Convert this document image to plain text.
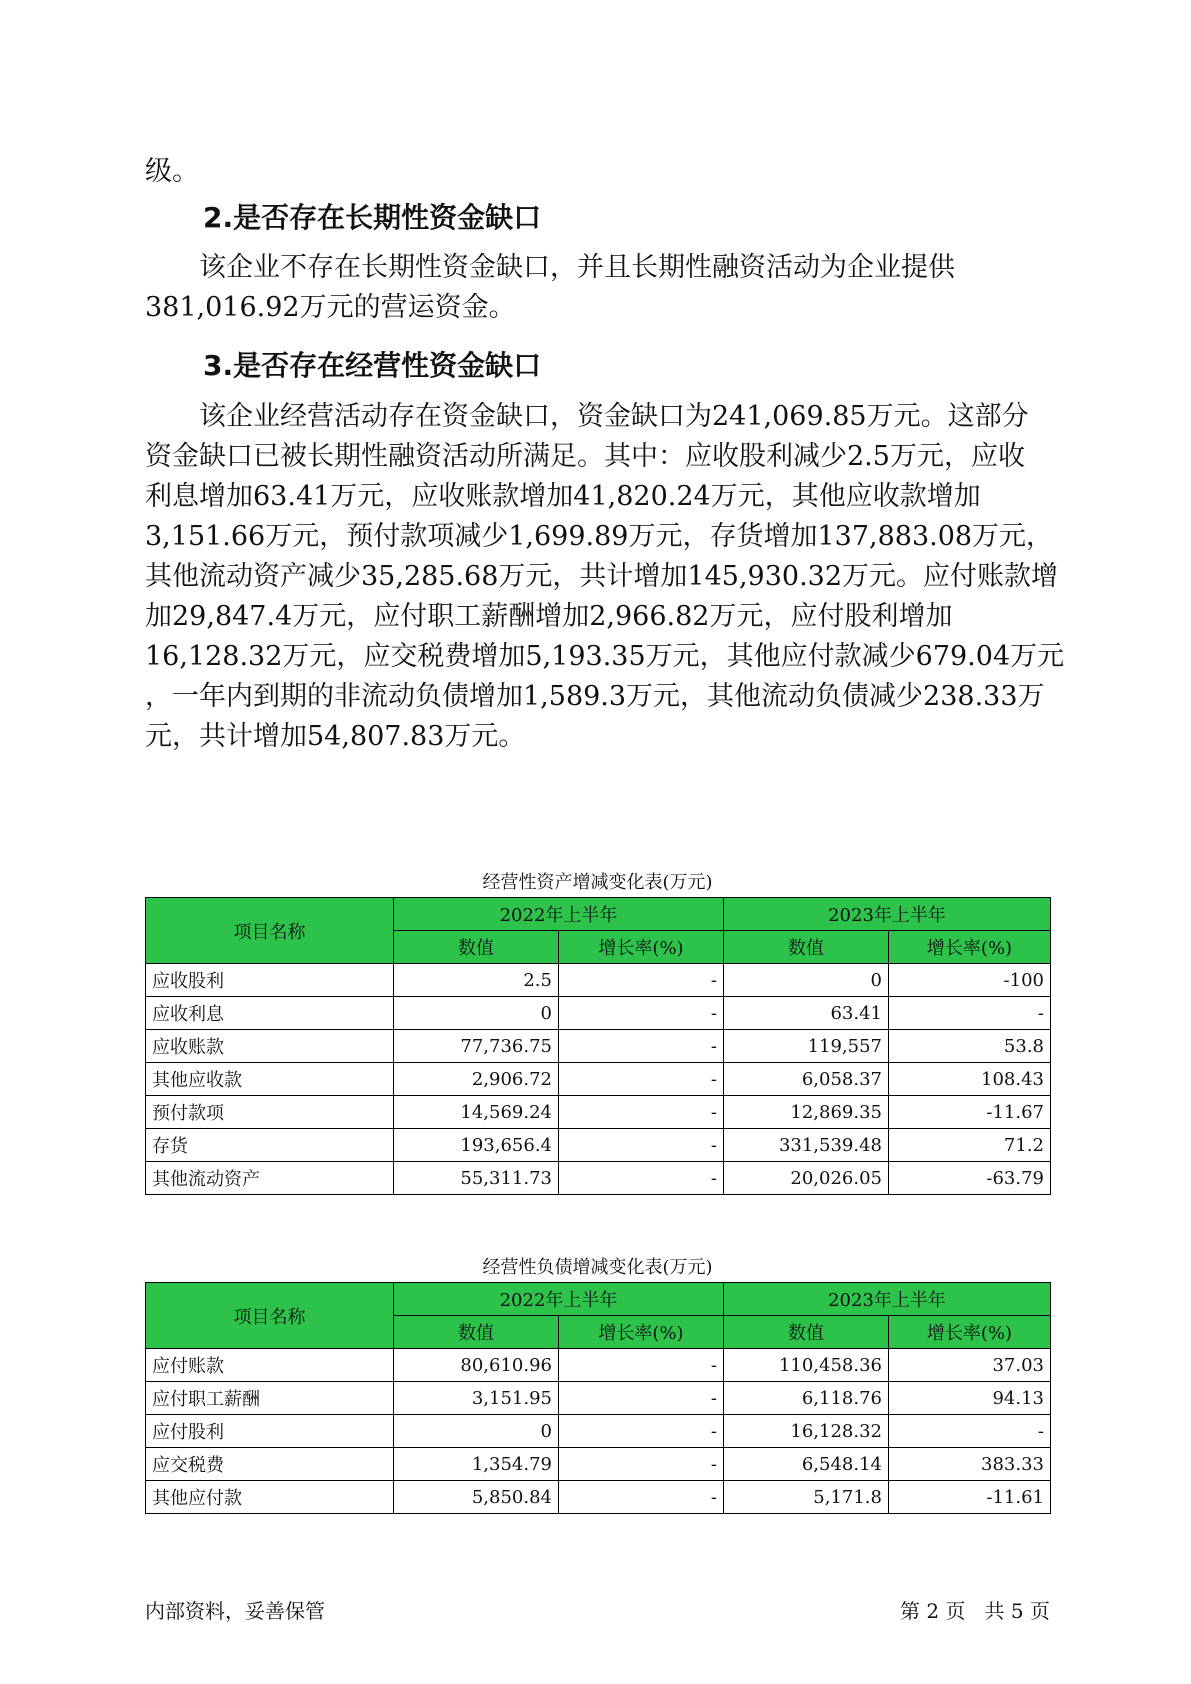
级。

2.是否存在长期性资金缺口

该企业不存在长期性资金缺口，并且长期性融资活动为企业提供
381,016.92万元的营运资金。

3.是否存在经营性资金缺口

该企业经营活动存在资金缺口，资金缺口为241,069.85万元。这部分
资金缺口已被长期性融资活动所满足。其中：应收股利减少2.5万元，应收
利息增加63.41万元，应收账款增加41,820.24万元，其他应收款增加
3,151.66万元，预付款项减少1,699.89万元，存货增加137,883.08万元，
其他流动资产减少35,285.68万元，共计增加145,930.32万元。应付账款增
加29,847.4万元，应付职工薪酬增加2,966.82万元，应付股利增加
16,128.32万元，应交税费增加5,193.35万元，其他应付款减少679.04万元
，一年内到期的非流动负债增加1,589.3万元，其他流动负债减少238.33万
元，共计增加54,807.83万元。

经营性资产增减变化表(万元)

项目名称	2022年上半年		2023年上半年	
	数值	增长率(%)	数值	增长率(%)
应收股利	2.5	-	0	-100
应收利息	0	-	63.41	-
应收账款	77,736.75	-	119,557	53.8
其他应收款	2,906.72	-	6,058.37	108.43
预付款项	14,569.24	-	12,869.35	-11.67
存货	193,656.4	-	331,539.48	71.2
其他流动资产	55,311.73	-	20,026.05	-63.79

经营性负债增减变化表(万元)

项目名称	2022年上半年		2023年上半年	
	数值	增长率(%)	数值	增长率(%)
应付账款	80,610.96	-	110,458.36	37.03
应付职工薪酬	3,151.95	-	6,118.76	94.13
应付股利	0	-	16,128.32	-
应交税费	1,354.79	-	6,548.14	383.33
其他应付款	5,850.84	-	5,171.8	-11.61

内部资料，妥善保管	第 2 页   共 5 页
